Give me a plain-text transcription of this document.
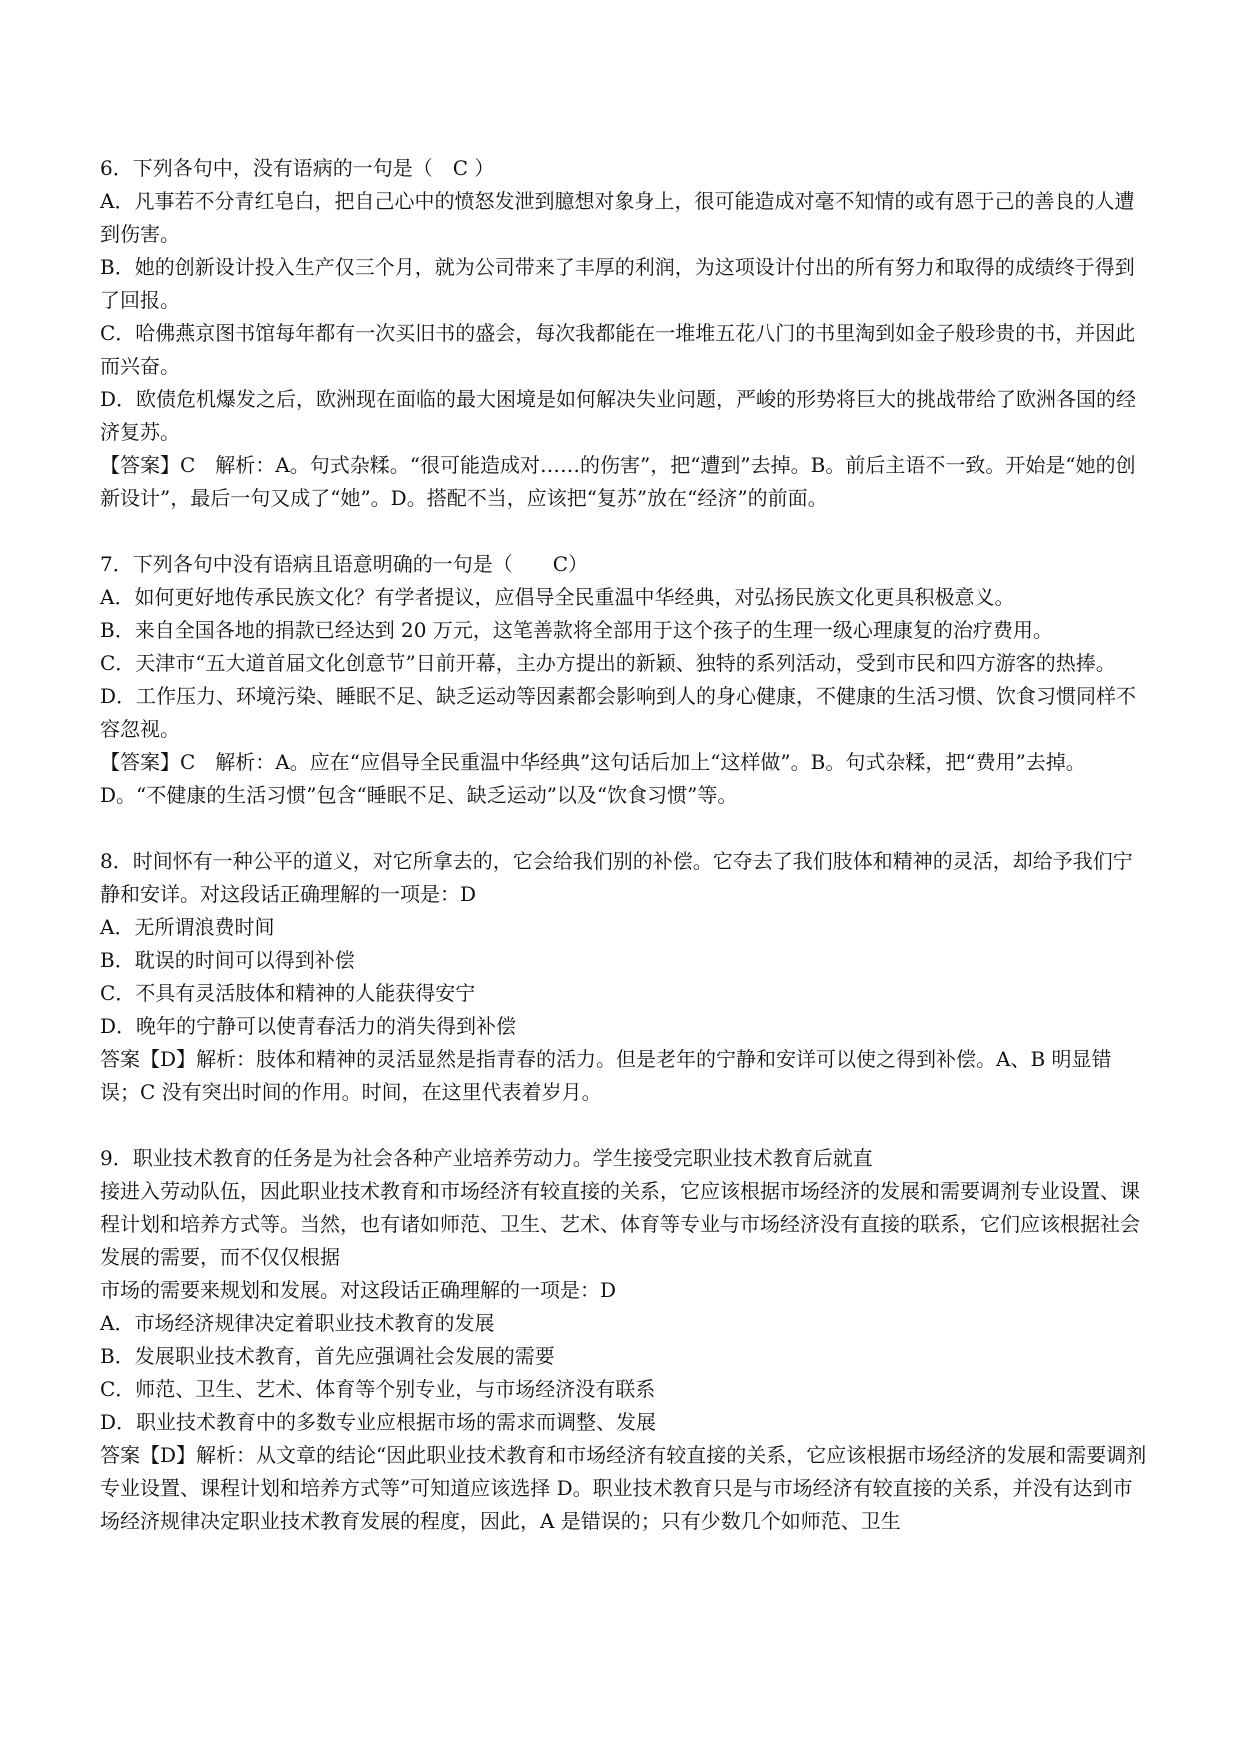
6．下列各句中，没有语病的一句是（　C ）
A．凡事若不分青红皂白，把自己心中的愤怒发泄到臆想对象身上，很可能造成对毫不知情的或有恩于己的善良的人遭到伤害。
B．她的创新设计投入生产仅三个月，就为公司带来了丰厚的利润，为这项设计付出的所有努力和取得的成绩终于得到了回报。
C．哈佛燕京图书馆每年都有一次买旧书的盛会，每次我都能在一堆堆五花八门的书里淘到如金子般珍贵的书，并因此而兴奋。
D．欧债危机爆发之后，欧洲现在面临的最大困境是如何解决失业问题，严峻的形势将巨大的挑战带给了欧洲各国的经济复苏。
【答案】C　解析：A。句式杂糅。“很可能造成对……的伤害”，把“遭到”去掉。B。前后主语不一致。开始是“她的创新设计”，最后一句又成了“她”。D。搭配不当，应该把“复苏”放在“经济”的前面。
7．下列各句中没有语病且语意明确的一句是（　　C）
A．如何更好地传承民族文化？有学者提议，应倡导全民重温中华经典，对弘扬民族文化更具积极意义。
B．来自全国各地的捐款已经达到 20 万元，这笔善款将全部用于这个孩子的生理一级心理康复的治疗费用。
C．天津市“五大道首届文化创意节”日前开幕，主办方提出的新颖、独特的系列活动，受到市民和四方游客的热捧。
D．工作压力、环境污染、睡眠不足、缺乏运动等因素都会影响到人的身心健康，不健康的生活习惯、饮食习惯同样不容忽视。
【答案】C　解析：A。应在“应倡导全民重温中华经典”这句话后加上“这样做”。B。句式杂糅，把“费用”去掉。D。“不健康的生活习惯”包含“睡眠不足、缺乏运动”以及“饮食习惯”等。
8．时间怀有一种公平的道义，对它所拿去的，它会给我们别的补偿。它夺去了我们肢体和精神的灵活，却给予我们宁静和安详。对这段话正确理解的一项是：D
A．无所谓浪费时间
B．耽误的时间可以得到补偿
C．不具有灵活肢体和精神的人能获得安宁
D．晚年的宁静可以使青春活力的消失得到补偿
答案【D】解析：肢体和精神的灵活显然是指青春的活力。但是老年的宁静和安详可以使之得到补偿。A、B 明显错误；C 没有突出时间的作用。时间，在这里代表着岁月。
9．职业技术教育的任务是为社会各种产业培养劳动力。学生接受完职业技术教育后就直
接进入劳动队伍，因此职业技术教育和市场经济有较直接的关系，它应该根据市场经济的发展和需要调剂专业设置、课程计划和培养方式等。当然，也有诸如师范、卫生、艺术、体育等专业与市场经济没有直接的联系，它们应该根据社会发展的需要，而不仅仅根据
市场的需要来规划和发展。对这段话正确理解的一项是：D
A．市场经济规律决定着职业技术教育的发展
B．发展职业技术教育，首先应强调社会发展的需要
C．师范、卫生、艺术、体育等个别专业，与市场经济没有联系
D．职业技术教育中的多数专业应根据市场的需求而调整、发展
答案【D】解析：从文章的结论“因此职业技术教育和市场经济有较直接的关系，它应该根据市场经济的发展和需要调剂专业设置、课程计划和培养方式等”可知道应该选择 D。职业技术教育只是与市场经济有较直接的关系，并没有达到市场经济规律决定职业技术教育发展的程度，因此，A 是错误的；只有少数几个如师范、卫生
